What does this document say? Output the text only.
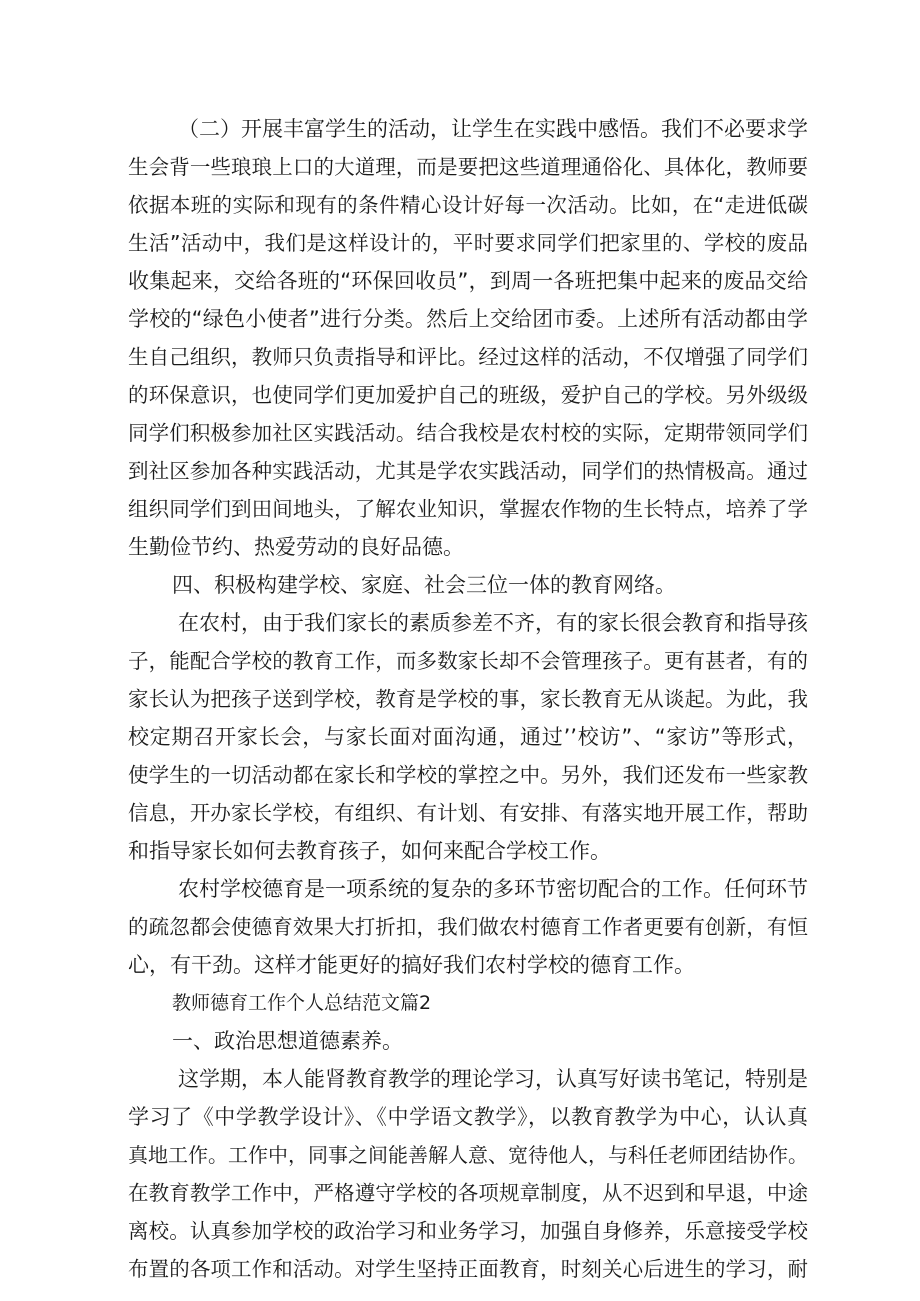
（二）开展丰富学生的活动，让学生在实践中感悟。我们不必要求学
生会背一些琅琅上口的大道理，而是要把这些道理通俗化、具体化，教师要
依据本班的实际和现有的条件精心设计好每一次活动。比如，在“走进低碳
生活”活动中，我们是这样设计的，平时要求同学们把家里的、学校的废品
收集起来，交给各班的“环保回收员”，到周一各班把集中起来的废品交给
学校的“绿色小使者”进行分类。然后上交给团市委。上述所有活动都由学
生自己组织，教师只负责指导和评比。经过这样的活动，不仅增强了同学们
的环保意识，也使同学们更加爱护自己的班级，爱护自己的学校。另外级级
同学们积极参加社区实践活动。结合我校是农村校的实际，定期带领同学们
到社区参加各种实践活动，尤其是学农实践活动，同学们的热情极高。通过
组织同学们到田间地头，了解农业知识，掌握农作物的生长特点，培养了学
生勤俭节约、热爱劳动的良好品德。
四、积极构建学校、家庭、社会三位一体的教育网络。
在农村，由于我们家长的素质参差不齐，有的家长很会教育和指导孩
子，能配合学校的教育工作，而多数家长却不会管理孩子。更有甚者，有的
家长认为把孩子送到学校，教育是学校的事，家长教育无从谈起。为此，我
校定期召开家长会，与家长面对面沟通，通过’’校访”、“家访”等形式，
使学生的一切活动都在家长和学校的掌控之中。另外，我们还发布一些家教
信息，开办家长学校，有组织、有计划、有安排、有落实地开展工作，帮助
和指导家长如何去教育孩子，如何来配合学校工作。
农村学校德育是一项系统的复杂的多环节密切配合的工作。任何环节
的疏忽都会使德育效果大打折扣，我们做农村德育工作者更要有创新，有恒
心，有干劲。这样才能更好的搞好我们农村学校的德育工作。
教师德育工作个人总结范文篇2
一、政治思想道德素养。
这学期，本人能肾教育教学的理论学习，认真写好读书笔记，特别是
学习了《中学教学设计》、《中学语文教学》，以教育教学为中心，认认真
真地工作。工作中，同事之间能善解人意、宽待他人，与科任老师团结协作。
在教育教学工作中，严格遵守学校的各项规章制度，从不迟到和早退，中途
离校。认真参加学校的政治学习和业务学习，加强自身修养，乐意接受学校
布置的各项工作和活动。对学生坚持正面教育，时刻关心后进生的学习，耐
